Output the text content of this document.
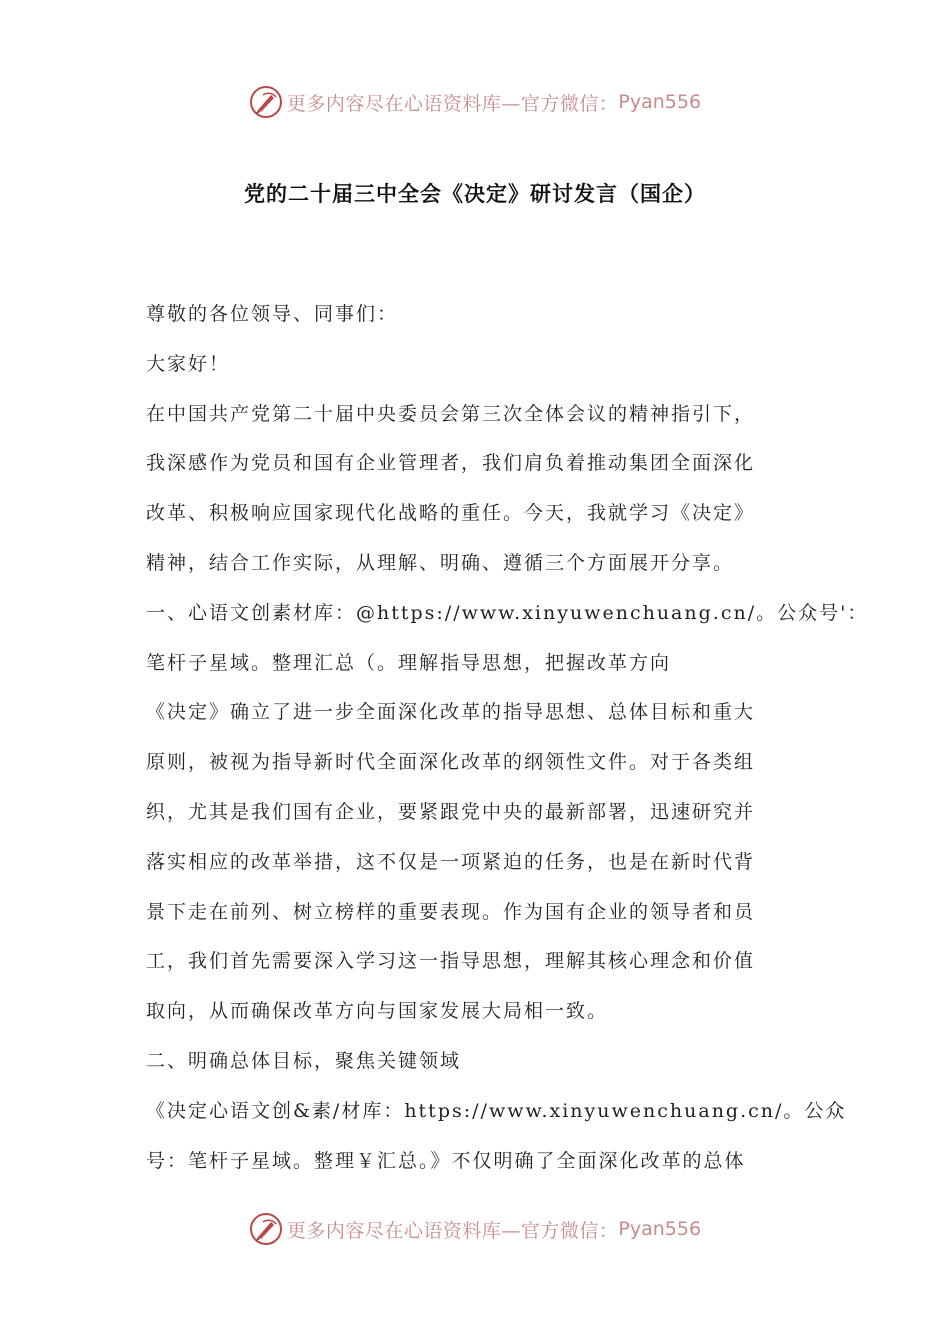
更多内容尽在心语资料库—官方微信： Pyan556
党的二十届三中全会《决定》研讨发言（国企）
尊敬的各位领导、同事们：
大家好！
在中国共产党第二十届中央委员会第三次全体会议的精神指引下，
我深感作为党员和国有企业管理者，我们肩负着推动集团全面深化
改革、积极响应国家现代化战略的重任。今天，我就学习《决定》
精神，结合工作实际，从理解、明确、遵循三个方面展开分享。
一、心语文创素材库：@https://www.xinyuwenchuang.cn/。公众号'：
笔杆子星域。整理汇总（。理解指导思想，把握改革方向
《决定》确立了进一步全面深化改革的指导思想、总体目标和重大
原则，被视为指导新时代全面深化改革的纲领性文件。对于各类组
织，尤其是我们国有企业，要紧跟党中央的最新部署，迅速研究并
落实相应的改革举措，这不仅是一项紧迫的任务，也是在新时代背
景下走在前列、树立榜样的重要表现。作为国有企业的领导者和员
工，我们首先需要深入学习这一指导思想，理解其核心理念和价值
取向，从而确保改革方向与国家发展大局相一致。
二、明确总体目标，聚焦关键领域
《决定心语文创&素/材库：https://www.xinyuwenchuang.cn/。公众
号：笔杆子星域。整理￥汇总。》不仅明确了全面深化改革的总体
更多内容尽在心语资料库—官方微信： Pyan556
